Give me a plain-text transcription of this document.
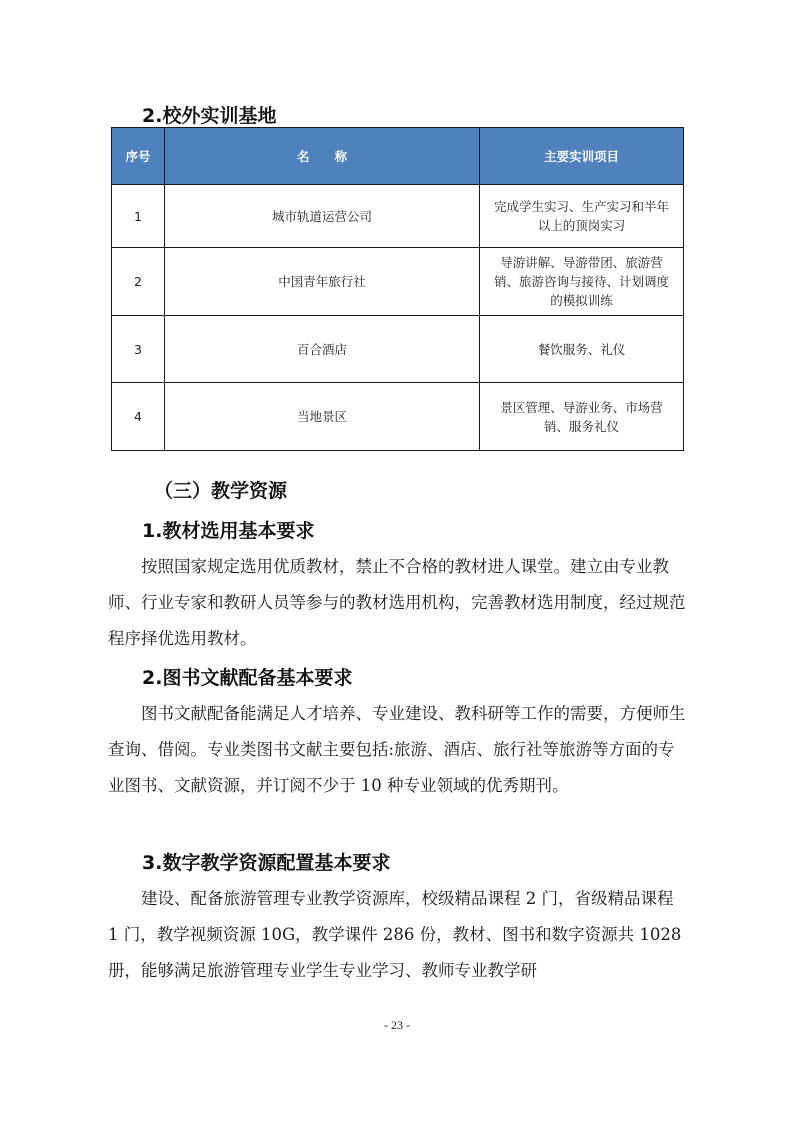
2.校外实训基地
序号	名　　称	主要实训项目
1	城市轨道运营公司	完成学生实习、生产实习和半年以上的顶岗实习
2	中国青年旅行社	导游讲解、导游带团、旅游营销、旅游咨询与接待、计划调度的模拟训练
3	百合酒店	餐饮服务、礼仪
4	当地景区	景区管理、导游业务、市场营销、服务礼仪
（三）教学资源
1.教材选用基本要求

按照国家规定选用优质教材，禁止不合格的教材进人课堂。建立由专业教师、行业专家和教研人员等参与的教材选用机构，完善教材选用制度，经过规范程序择优选用教材。

2.图书文献配备基本要求

图书文献配备能满足人才培养、专业建设、教科研等工作的需要，方便师生查询、借阅。专业类图书文献主要包括:旅游、酒店、旅行社等旅游等方面的专业图书、文献资源，并订阅不少于 10 种专业领域的优秀期刊。

3.数字教学资源配置基本要求

建设、配备旅游管理专业教学资源库，校级精品课程 2 门，省级精品课程 1 门，教学视频资源 10G，教学课件 286 份，教材、图书和数字资源共 1028 册，能够满足旅游管理专业学生专业学习、教师专业教学研

- 23 -
